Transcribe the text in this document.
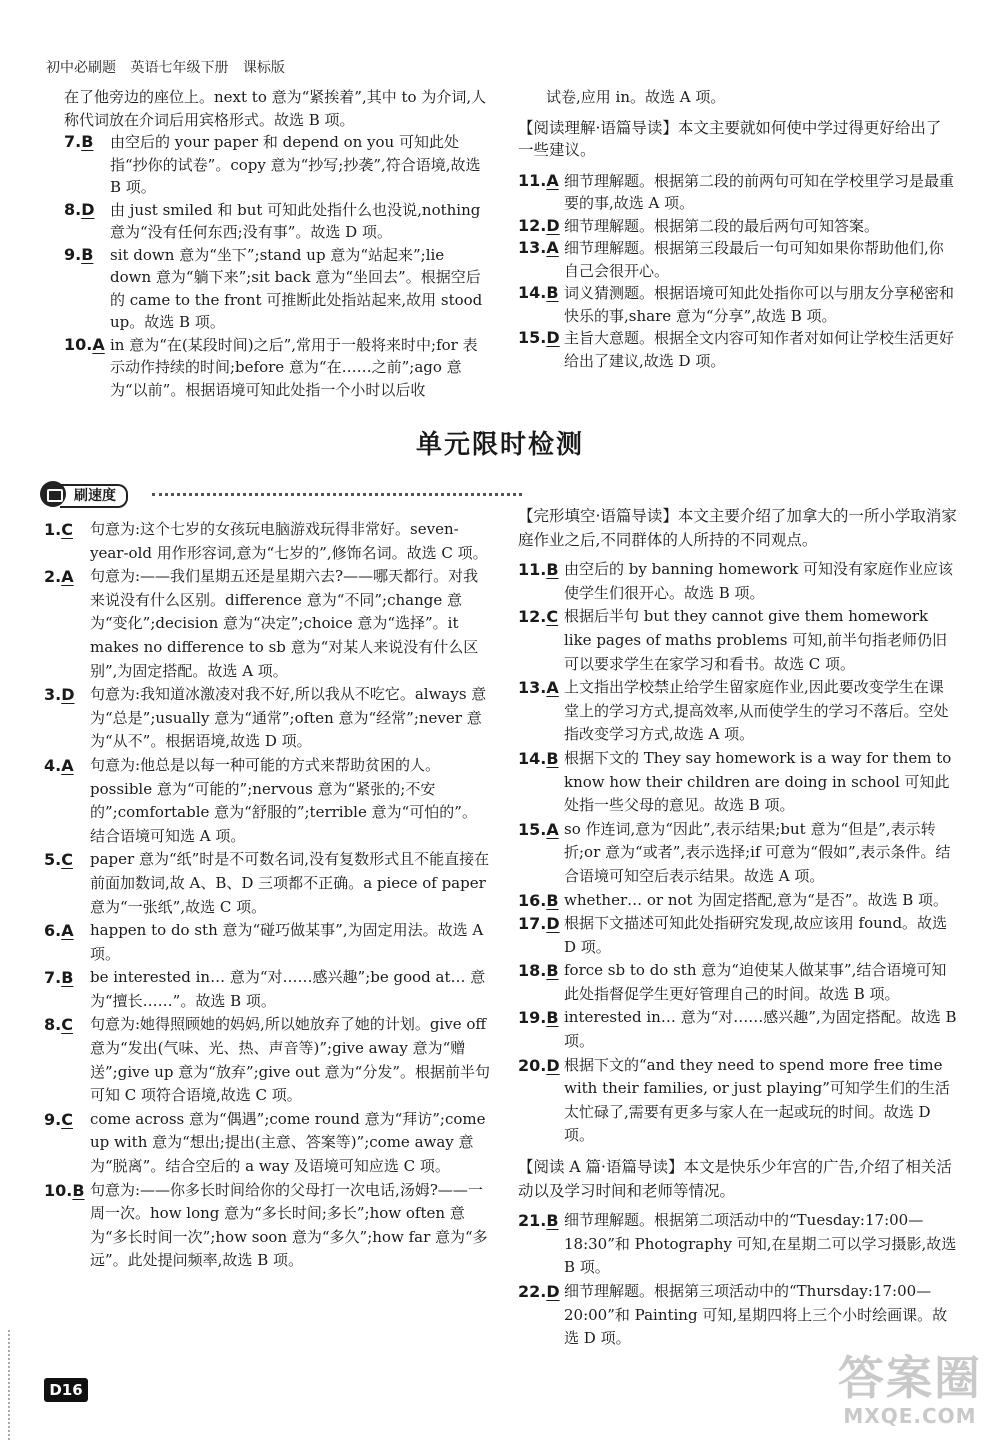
初中必刷题 英语七年级下册 课标版

在了他旁边的座位上。next to 意为“紧挨着”,其中 to 为介词,人称代词放在介词后用宾格形式。故选 B 项。

7.B 由空后的 your paper 和 depend on you 可知此处指“抄你的试卷”。copy 意为“抄写;抄袭”,符合语境,故选 B 项。

8.D 由 just smiled 和 but 可知此处指什么也没说,nothing 意为“没有任何东西;没有事”。故选 D 项。

9.B sit down 意为“坐下”;stand up 意为“站起来”;lie down 意为“躺下来”;sit back 意为“坐回去”。根据空后的 came to the front 可推断此处指站起来,故用 stood up。故选 B 项。

10.A in 意为“在(某段时间)之后”,常用于一般将来时中;for 表示动作持续的时间;before 意为“在……之前”;ago 意为“以前”。根据语境可知此处指一个小时以后收

试卷,应用 in。故选 A 项。

【阅读理解·语篇导读】本文主要就如何使中学过得更好给出了一些建议。

11.A 细节理解题。根据第二段的前两句可知在学校里学习是最重要的事,故选 A 项。

12.D 细节理解题。根据第二段的最后两句可知答案。

13.A 细节理解题。根据第三段最后一句可知如果你帮助他们,你自己会很开心。

14.B 词义猜测题。根据语境可知此处指你可以与朋友分享秘密和快乐的事,share 意为“分享”,故选 B 项。

15.D 主旨大意题。根据全文内容可知作者对如何让学校生活更好给出了建议,故选 D 项。

单元限时检测
刷速度
1.C 句意为:这个七岁的女孩玩电脑游戏玩得非常好。seven-year-old 用作形容词,意为“七岁的”,修饰名词。故选 C 项。

2.A 句意为:——我们星期五还是星期六去?——哪天都行。对我来说没有什么区别。difference 意为“不同”;change 意为“变化”;decision 意为“决定”;choice 意为“选择”。it makes no difference to sb 意为“对某人来说没有什么区别”,为固定搭配。故选 A 项。

3.D 句意为:我知道冰激凌对我不好,所以我从不吃它。always 意为“总是”;usually 意为“通常”;often 意为“经常”;never 意为“从不”。根据语境,故选 D 项。

4.A 句意为:他总是以每一种可能的方式来帮助贫困的人。possible 意为“可能的”;nervous 意为“紧张的;不安的”;comfortable 意为“舒服的”;terrible 意为“可怕的”。结合语境可知选 A 项。

5.C paper 意为“纸”时是不可数名词,没有复数形式且不能直接在前面加数词,故 A、B、D 三项都不正确。a piece of paper 意为“一张纸”,故选 C 项。

6.A happen to do sth 意为“碰巧做某事”,为固定用法。故选 A 项。

7.B be interested in… 意为“对……感兴趣”;be good at… 意为“擅长……”。故选 B 项。

8.C 句意为:她得照顾她的妈妈,所以她放弃了她的计划。give off 意为“发出(气味、光、热、声音等)”;give away 意为“赠送”;give up 意为“放弃”;give out 意为“分发”。根据前半句可知 C 项符合语境,故选 C 项。

9.C come across 意为“偶遇”;come round 意为“拜访”;come up with 意为“想出;提出(主意、答案等)”;come away 意为“脱离”。结合空后的 a way 及语境可知应选 C 项。

10.B 句意为:——你多长时间给你的父母打一次电话,汤姆?——一周一次。how long 意为“多长时间;多长”;how often 意为“多长时间一次”;how soon 意为“多久”;how far 意为“多远”。此处提问频率,故选 B 项。

【完形填空·语篇导读】本文主要介绍了加拿大的一所小学取消家庭作业之后,不同群体的人所持的不同观点。

11.B 由空后的 by banning homework 可知没有家庭作业应该使学生们很开心。故选 B 项。

12.C 根据后半句 but they cannot give them homework like pages of maths problems 可知,前半句指老师仍旧可以要求学生在家学习和看书。故选 C 项。

13.A 上文指出学校禁止给学生留家庭作业,因此要改变学生在课堂上的学习方式,提高效率,从而使学生的学习不落后。空处指改变学习方式,故选 A 项。

14.B 根据下文的 They say homework is a way for them to know how their children are doing in school 可知此处指一些父母的意见。故选 B 项。

15.A so 作连词,意为“因此”,表示结果;but 意为“但是”,表示转折;or 意为“或者”,表示选择;if 可意为“假如”,表示条件。结合语境可知空后表示结果。故选 A 项。

16.B whether… or not 为固定搭配,意为“是否”。故选 B 项。

17.D 根据下文描述可知此处指研究发现,故应该用 found。故选 D 项。

18.B force sb to do sth 意为“迫使某人做某事”,结合语境可知此处指督促学生更好管理自己的时间。故选 B 项。

19.B interested in… 意为“对……感兴趣”,为固定搭配。故选 B 项。

20.D 根据下文的“and they need to spend more free time with their families, or just playing”可知学生们的生活太忙碌了,需要有更多与家人在一起或玩的时间。故选 D 项。

【阅读 A 篇·语篇导读】本文是快乐少年宫的广告,介绍了相关活动以及学习时间和老师等情况。

21.B 细节理解题。根据第二项活动中的“Tuesday:17:00—18:30”和 Photography 可知,在星期二可以学习摄影,故选 B 项。

22.D 细节理解题。根据第三项活动中的“Thursday:17:00—20:00”和 Painting 可知,星期四将上三个小时绘画课。故选 D 项。

D16	答案圈
MXQE.COM
